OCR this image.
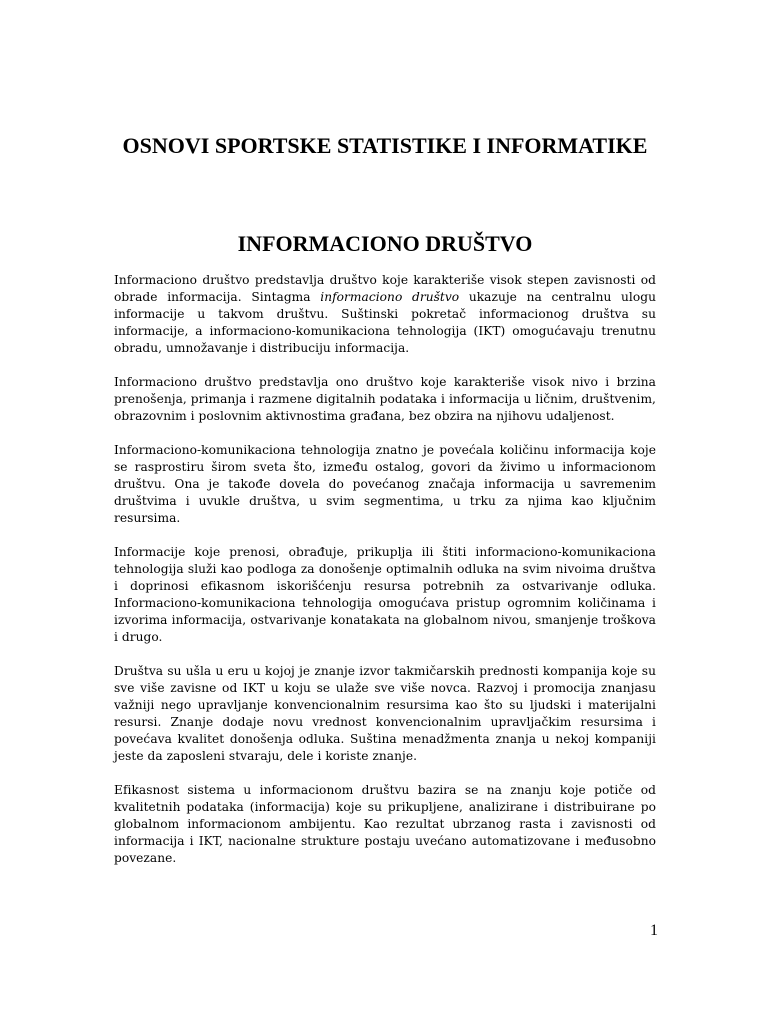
OSNOVI SPORTSKE STATISTIKE I INFORMATIKE
INFORMACIONO DRUŠTVO

Informaciono društvo predstavlja društvo koje karakteriše visok stepen zavisnosti od obrade informacija. Sintagma informaciono društvo ukazuje na centralnu ulogu informacije u takvom društvu. Suštinski pokretač informacionog društva su informacije, a informaciono-komunikaciona tehnologija (IKT) omogućavaju trenutnu obradu, umnožavanje i distribuciju informacija.

Informaciono društvo predstavlja ono društvo koje karakteriše visok nivo i brzina prenošenja, primanja i razmene digitalnih podataka i informacija u ličnim, društvenim, obrazovnim i poslovnim aktivnostima građana, bez obzira na njihovu udaljenost.

Informaciono-komunikaciona tehnologija znatno je povećala količinu informacija koje se rasprostiru širom sveta što, između ostalog, govori da živimo u informacionom društvu. Ona je takođe dovela do povećanog značaja informacija u savremenim društvima i uvukle društva, u svim segmentima, u trku za njima kao ključnim resursima.

Informacije koje prenosi, obrađuje, prikuplja ili štiti informaciono-komunikaciona tehnologija služi kao podloga za donošenje optimalnih odluka na svim nivoima društva i doprinosi efikasnom iskorišćenju resursa potrebnih za ostvarivanje odluka. Informaciono-komunikaciona tehnologija omogućava pristup ogromnim količinama i izvorima informacija, ostvarivanje konatakata na globalnom nivou, smanjenje troškova i drugo.

Društva su ušla u eru u kojoj je znanje izvor takmičarskih prednosti kompanija koje su sve više zavisne od IKT u koju se ulaže sve više novca. Razvoj i promocija znanjasu važniji nego upravljanje konvencionalnim resursima kao što su ljudski i materijalni resursi. Znanje dodaje novu vrednost konvencionalnim upravljačkim resursima i povećava kvalitet donošenja odluka. Suština menadžmenta znanja u nekoj kompaniji jeste da zaposleni stvaraju, dele i koriste znanje.

Efikasnost sistema u informacionom društvu bazira se na znanju koje potiče od kvalitetnih podataka (informacija) koje su prikupljene, analizirane i distribuirane po globalnom informacionom ambijentu. Kao rezultat ubrzanog rasta i zavisnosti od informacija i IKT, nacionalne strukture postaju uvećano automatizovane i međusobno povezane.

1
